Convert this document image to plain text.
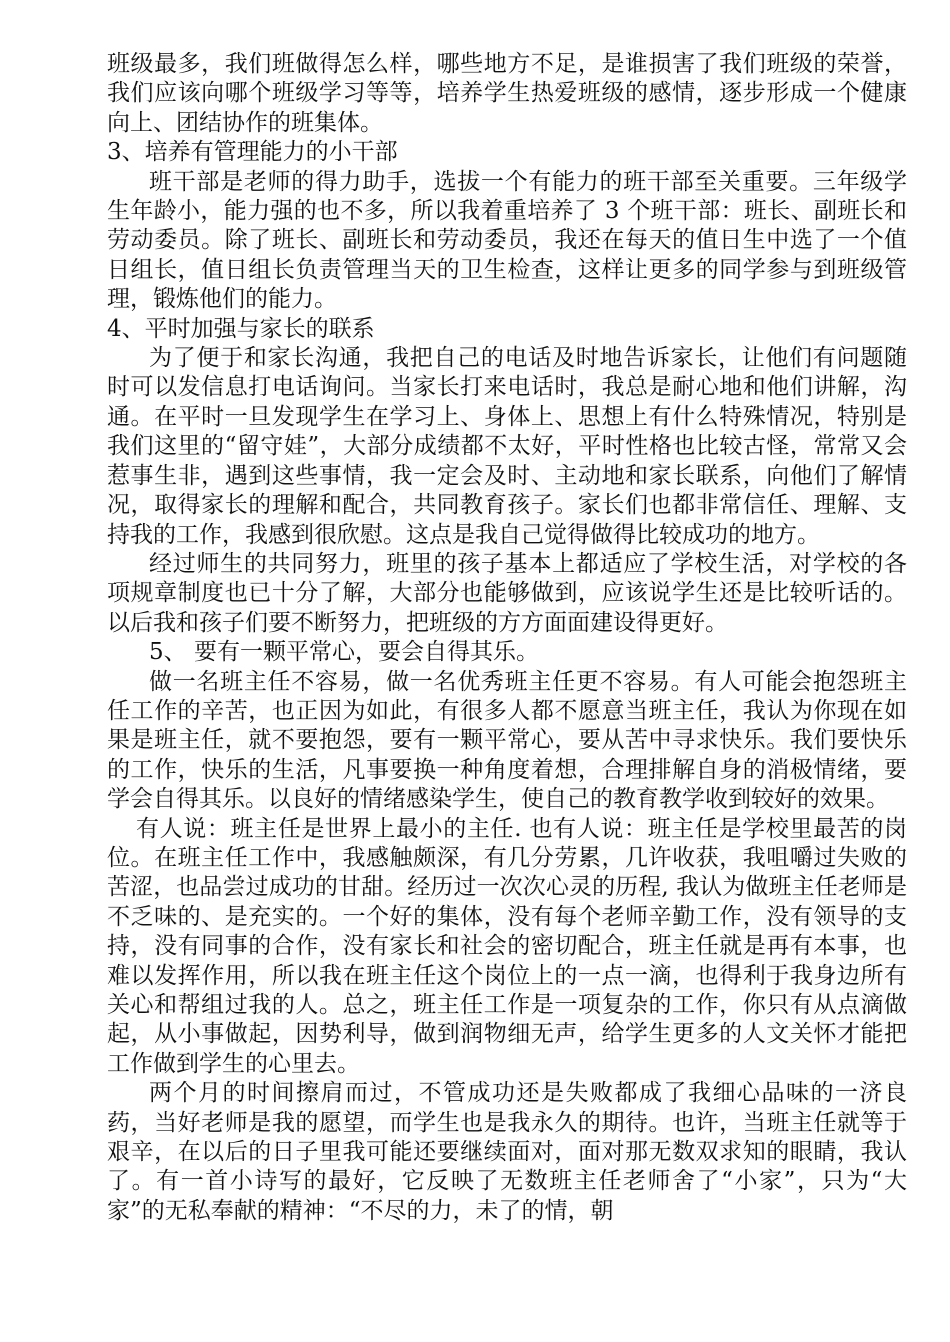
班级最多，我们班做得怎么样，哪些地方不足，是谁损害了我们班级的荣誉，我们应该向哪个班级学习等等，培养学生热爱班级的感情，逐步形成一个健康向上、团结协作的班集体。

3、培养有管理能力的小干部

班干部是老师的得力助手，选拔一个有能力的班干部至关重要。三年级学生年龄小，能力强的也不多，所以我着重培养了 3 个班干部：班长、副班长和劳动委员。除了班长、副班长和劳动委员，我还在每天的值日生中选了一个值日组长，值日组长负责管理当天的卫生检查，这样让更多的同学参与到班级管理，锻炼他们的能力。

4、平时加强与家长的联系

为了便于和家长沟通，我把自己的电话及时地告诉家长，让他们有问题随时可以发信息打电话询问。当家长打来电话时，我总是耐心地和他们讲解，沟通。在平时一旦发现学生在学习上、身体上、思想上有什么特殊情况，特别是我们这里的“留守娃”，大部分成绩都不太好，平时性格也比较古怪，常常又会惹事生非，遇到这些事情，我一定会及时、主动地和家长联系，向他们了解情况，取得家长的理解和配合，共同教育孩子。家长们也都非常信任、理解、支持我的工作，我感到很欣慰。这点是我自己觉得做得比较成功的地方。

经过师生的共同努力，班里的孩子基本上都适应了学校生活，对学校的各项规章制度也已十分了解，大部分也能够做到，应该说学生还是比较听话的。以后我和孩子们要不断努力，把班级的方方面面建设得更好。

5、 要有一颗平常心，要会自得其乐。

做一名班主任不容易，做一名优秀班主任更不容易。有人可能会抱怨班主任工作的辛苦，也正因为如此，有很多人都不愿意当班主任，我认为你现在如果是班主任，就不要抱怨，要有一颗平常心，要从苦中寻求快乐。我们要快乐的工作，快乐的生活，凡事要换一种角度着想，合理排解自身的消极情绪，要学会自得其乐。以良好的情绪感染学生，使自己的教育教学收到较好的效果。

有人说：班主任是世界上最小的主任. 也有人说：班主任是学校里最苦的岗位。在班主任工作中，我感触颇深，有几分劳累，几许收获，我咀嚼过失败的苦涩，也品尝过成功的甘甜。经历过一次次心灵的历程, 我认为做班主任老师是不乏味的、是充实的。一个好的集体，没有每个老师辛勤工作，没有领导的支持，没有同事的合作，没有家长和社会的密切配合，班主任就是再有本事，也难以发挥作用，所以我在班主任这个岗位上的一点一滴，也得利于我身边所有关心和帮组过我的人。总之，班主任工作是一项复杂的工作，你只有从点滴做起，从小事做起，因势利导，做到润物细无声，给学生更多的人文关怀才能把工作做到学生的心里去。

两个月的时间擦肩而过，不管成功还是失败都成了我细心品味的一济良药，当好老师是我的愿望，而学生也是我永久的期待。也许，当班主任就等于艰辛，在以后的日子里我可能还要继续面对，面对那无数双求知的眼睛，我认了。有一首小诗写的最好，它反映了无数班主任老师舍了“小家”，只为“大家”的无私奉献的精神：“不尽的力，未了的情，朝
